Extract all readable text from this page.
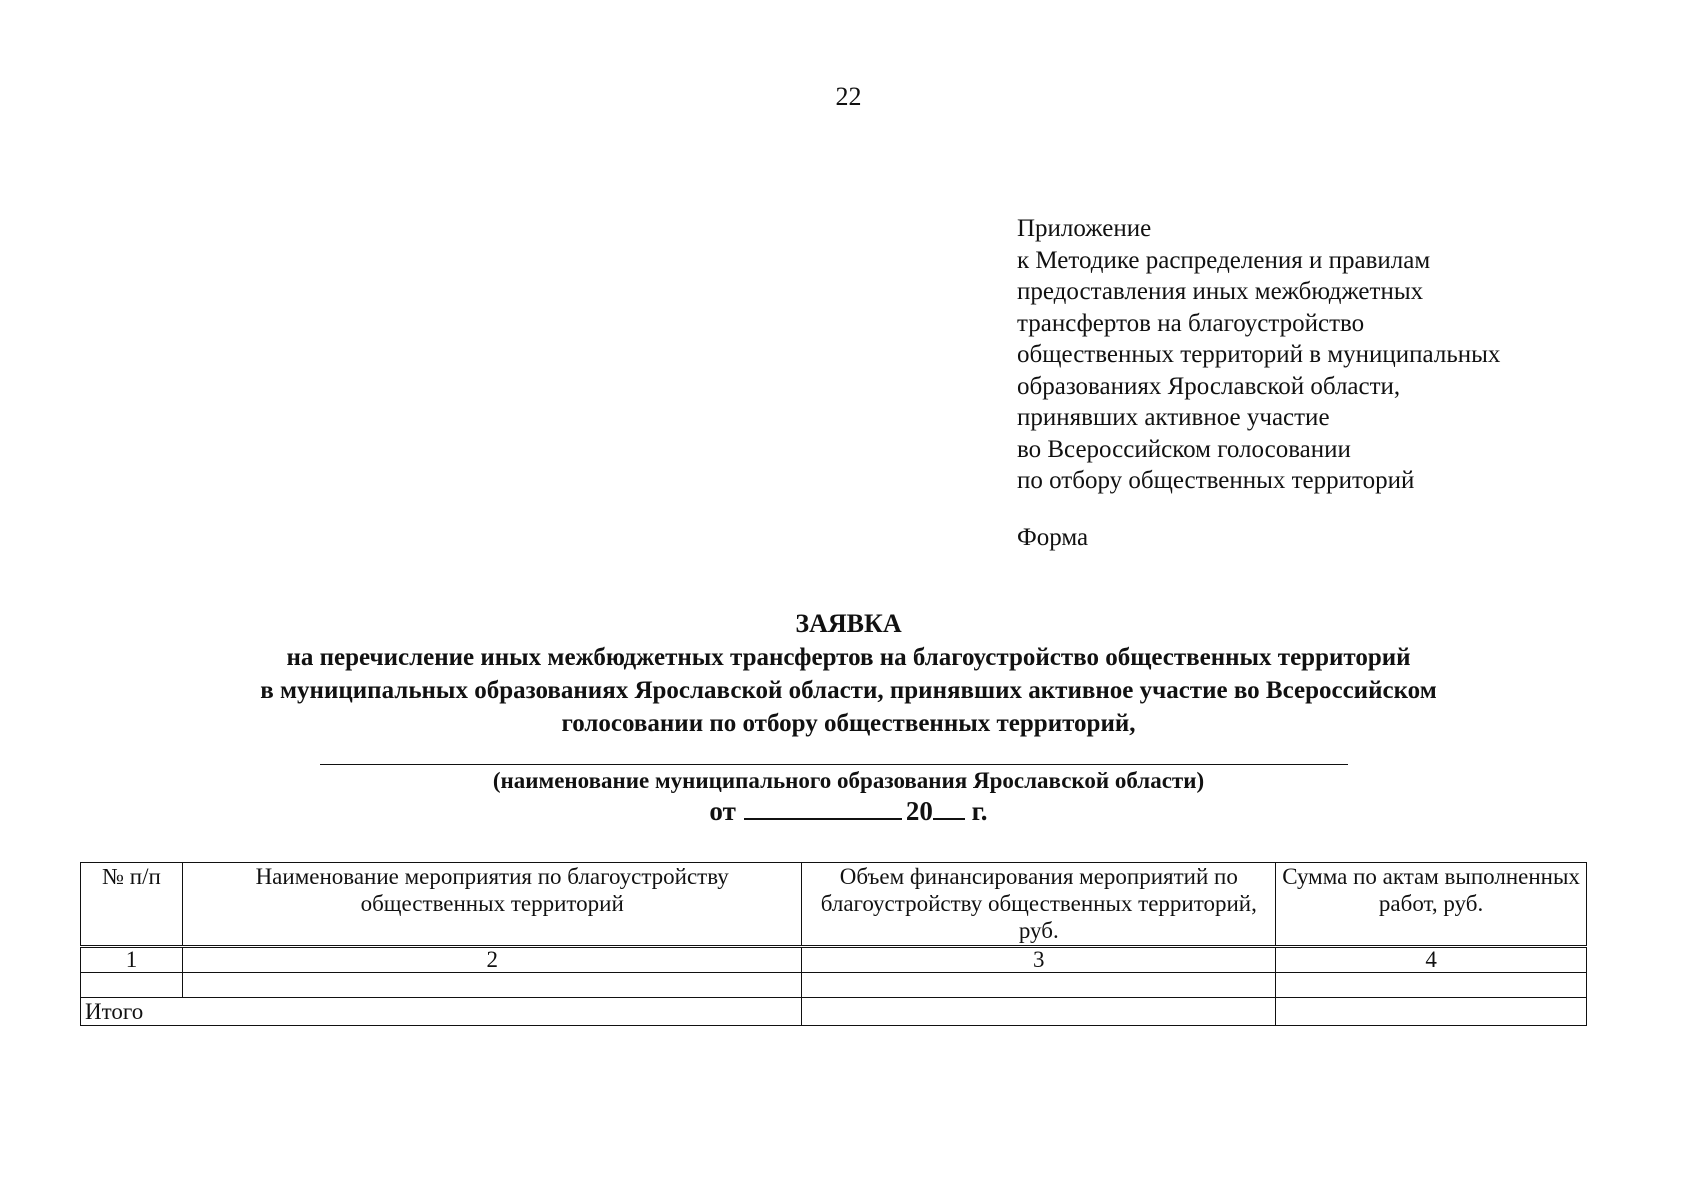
22
Приложение
к Методике распределения и правилам
предоставления иных межбюджетных
трансфертов на благоустройство
общественных территорий в муниципальных
образованиях Ярославской области,
принявших активное участие
во Всероссийском голосовании
по отбору общественных территорий
Форма
ЗАЯВКА
на перечисление иных межбюджетных трансфертов на благоустройство общественных территорий
в муниципальных образованиях Ярославской области, принявших активное участие во Всероссийском
голосовании по отбору общественных территорий,
(наименование муниципального образования Ярославской области)
от	20 г.
№ п/п	Наименование мероприятия по благоустройству общественных территорий	Объем финансирования мероприятий по благоустройству общественных территорий, руб.	Сумма по актам выполненных работ, руб.
1	2	3	4

Итого			
